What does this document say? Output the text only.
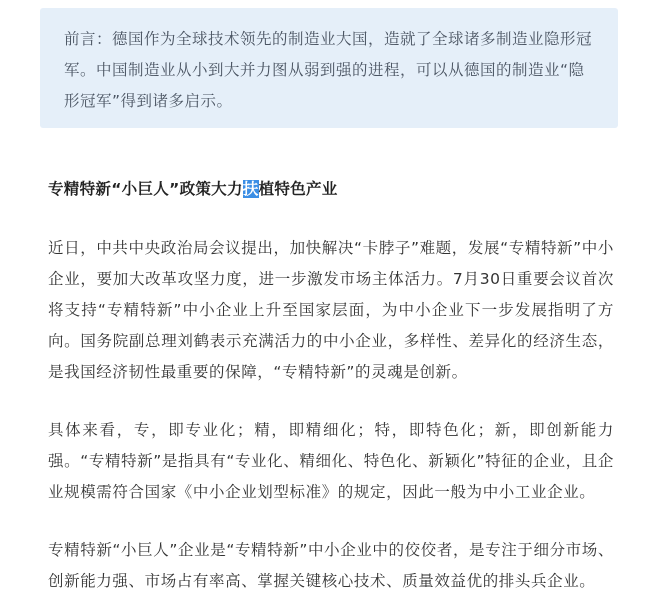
前言：德国作为全球技术领先的制造业大国，造就了全球诸多制造业隐形冠军。中国制造业从小到大并力图从弱到强的进程，可以从德国的制造业“隐形冠军”得到诸多启示。

专精特新“小巨人”政策大力扶植特色产业

近日，中共中央政治局会议提出，加快解决“卡脖子”难题，发展“专精特新”中小企业，要加大改革攻坚力度，进一步激发市场主体活力。7月30日重要会议首次将支持“专精特新”中小企业上升至国家层面，为中小企业下一步发展指明了方向。国务院副总理刘鹤表示充满活力的中小企业，多样性、差异化的经济生态，是我国经济韧性最重要的保障，“专精特新”的灵魂是创新。

具体来看，专，即专业化；精，即精细化；特，即特色化；新，即创新能力强。“专精特新”是指具有“专业化、精细化、特色化、新颖化”特征的企业，且企业规模需符合国家《中小企业划型标准》的规定，因此一般为中小工业企业。

专精特新“小巨人”企业是“专精特新”中小企业中的佼佼者，是专注于细分市场、创新能力强、市场占有率高、掌握关键核心技术、质量效益优的排头兵企业。
